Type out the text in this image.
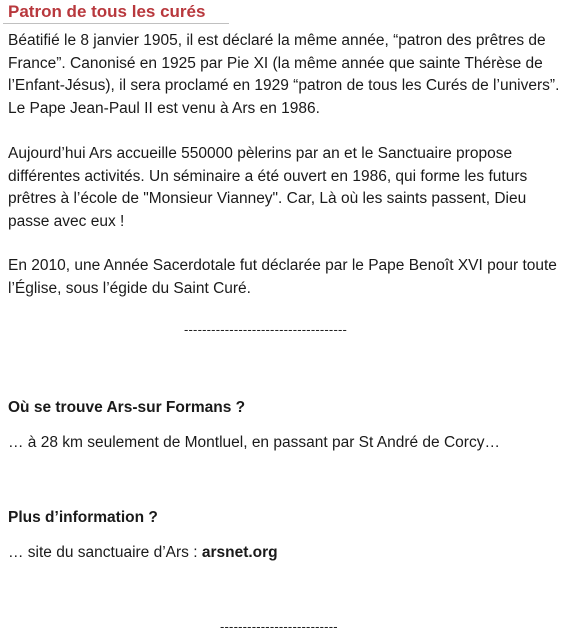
Patron de tous les curés

Béatifié le 8 janvier 1905, il est déclaré la même année, “patron des prêtres de France”. Canonisé en 1925 par Pie XI (la même année que sainte Thérèse de l’Enfant-Jésus), il sera proclamé en 1929 “patron de tous les Curés de l’univers”. Le Pape Jean-Paul II est venu à Ars en 1986.

Aujourd’hui Ars accueille 550000 pèlerins par an et le Sanctuaire propose différentes activités. Un séminaire a été ouvert en 1986, qui forme les futurs prêtres à l’école de "Monsieur Vianney". Car, Là où les saints passent, Dieu passe avec eux !

En 2010, une Année Sacerdotale fut déclarée par le Pape Benoît XVI pour toute l’Église, sous l’égide du Saint Curé.

------------------------------------
Où se trouve Ars-sur Formans ?
… à 28 km seulement de Montluel, en passant par St André de Corcy…
Plus d’information ?
… site du sanctuaire d’Ars : arsnet.org
--------------------------
